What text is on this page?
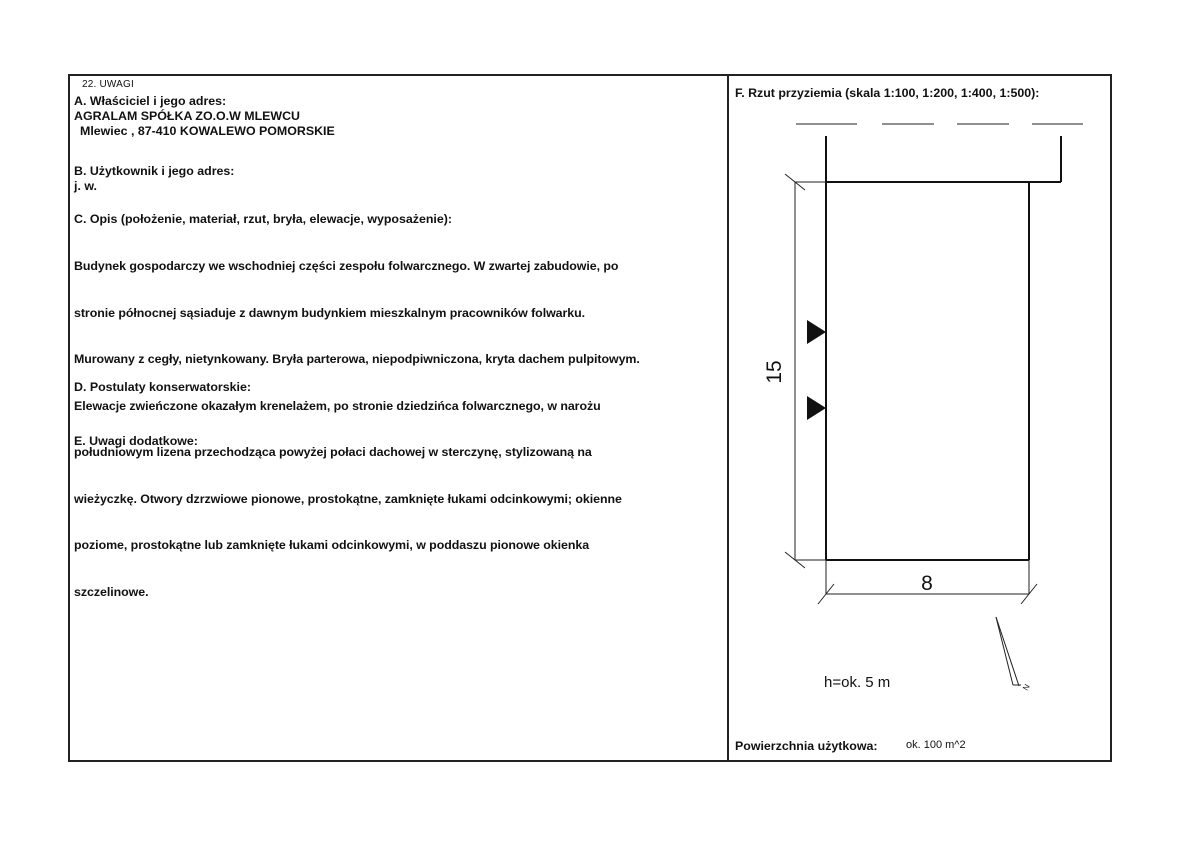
22. UWAGI
A. Właściciel i jego adres:
AGRALAM SPÓŁKA ZO.O.W MLEWCU
Mlewiec , 87-410 KOWALEWO POMORSKIE
B. Użytkownik i jego adres:
j. w.
C. Opis (położenie, materiał, rzut, bryła, elewacje, wyposażenie):

Budynek gospodarczy we wschodniej części zespołu folwarcznego. W zwartej zabudowie, po

stronie północnej sąsiaduje z dawnym budynkiem mieszkalnym pracowników folwarku.

Murowany z cegły, nietynkowany. Bryła parterowa, niepodpiwniczona, kryta dachem pulpitowym.

Elewacje zwieńczone okazałym krenelażem, po stronie dziedzińca folwarcznego, w narożu

południowym lizena przechodząca powyżej połaci dachowej w sterczynę, stylizowaną na

wieżyczkę. Otwory dzrzwiowe pionowe, prostokątne, zamknięte łukami odcinkowymi; okienne

poziome, prostokątne lub zamknięte łukami odcinkowymi, w poddaszu pionowe okienka

szczelinowe.

D. Postulaty konserwatorskie:
E. Uwagi dodatkowe:
F. Rzut przyziemia (skala 1:100, 1:200, 1:400, 1:500):
15
8
N
h=ok. 5 m
Powierzchnia użytkowa:	ok. 100 m^2
